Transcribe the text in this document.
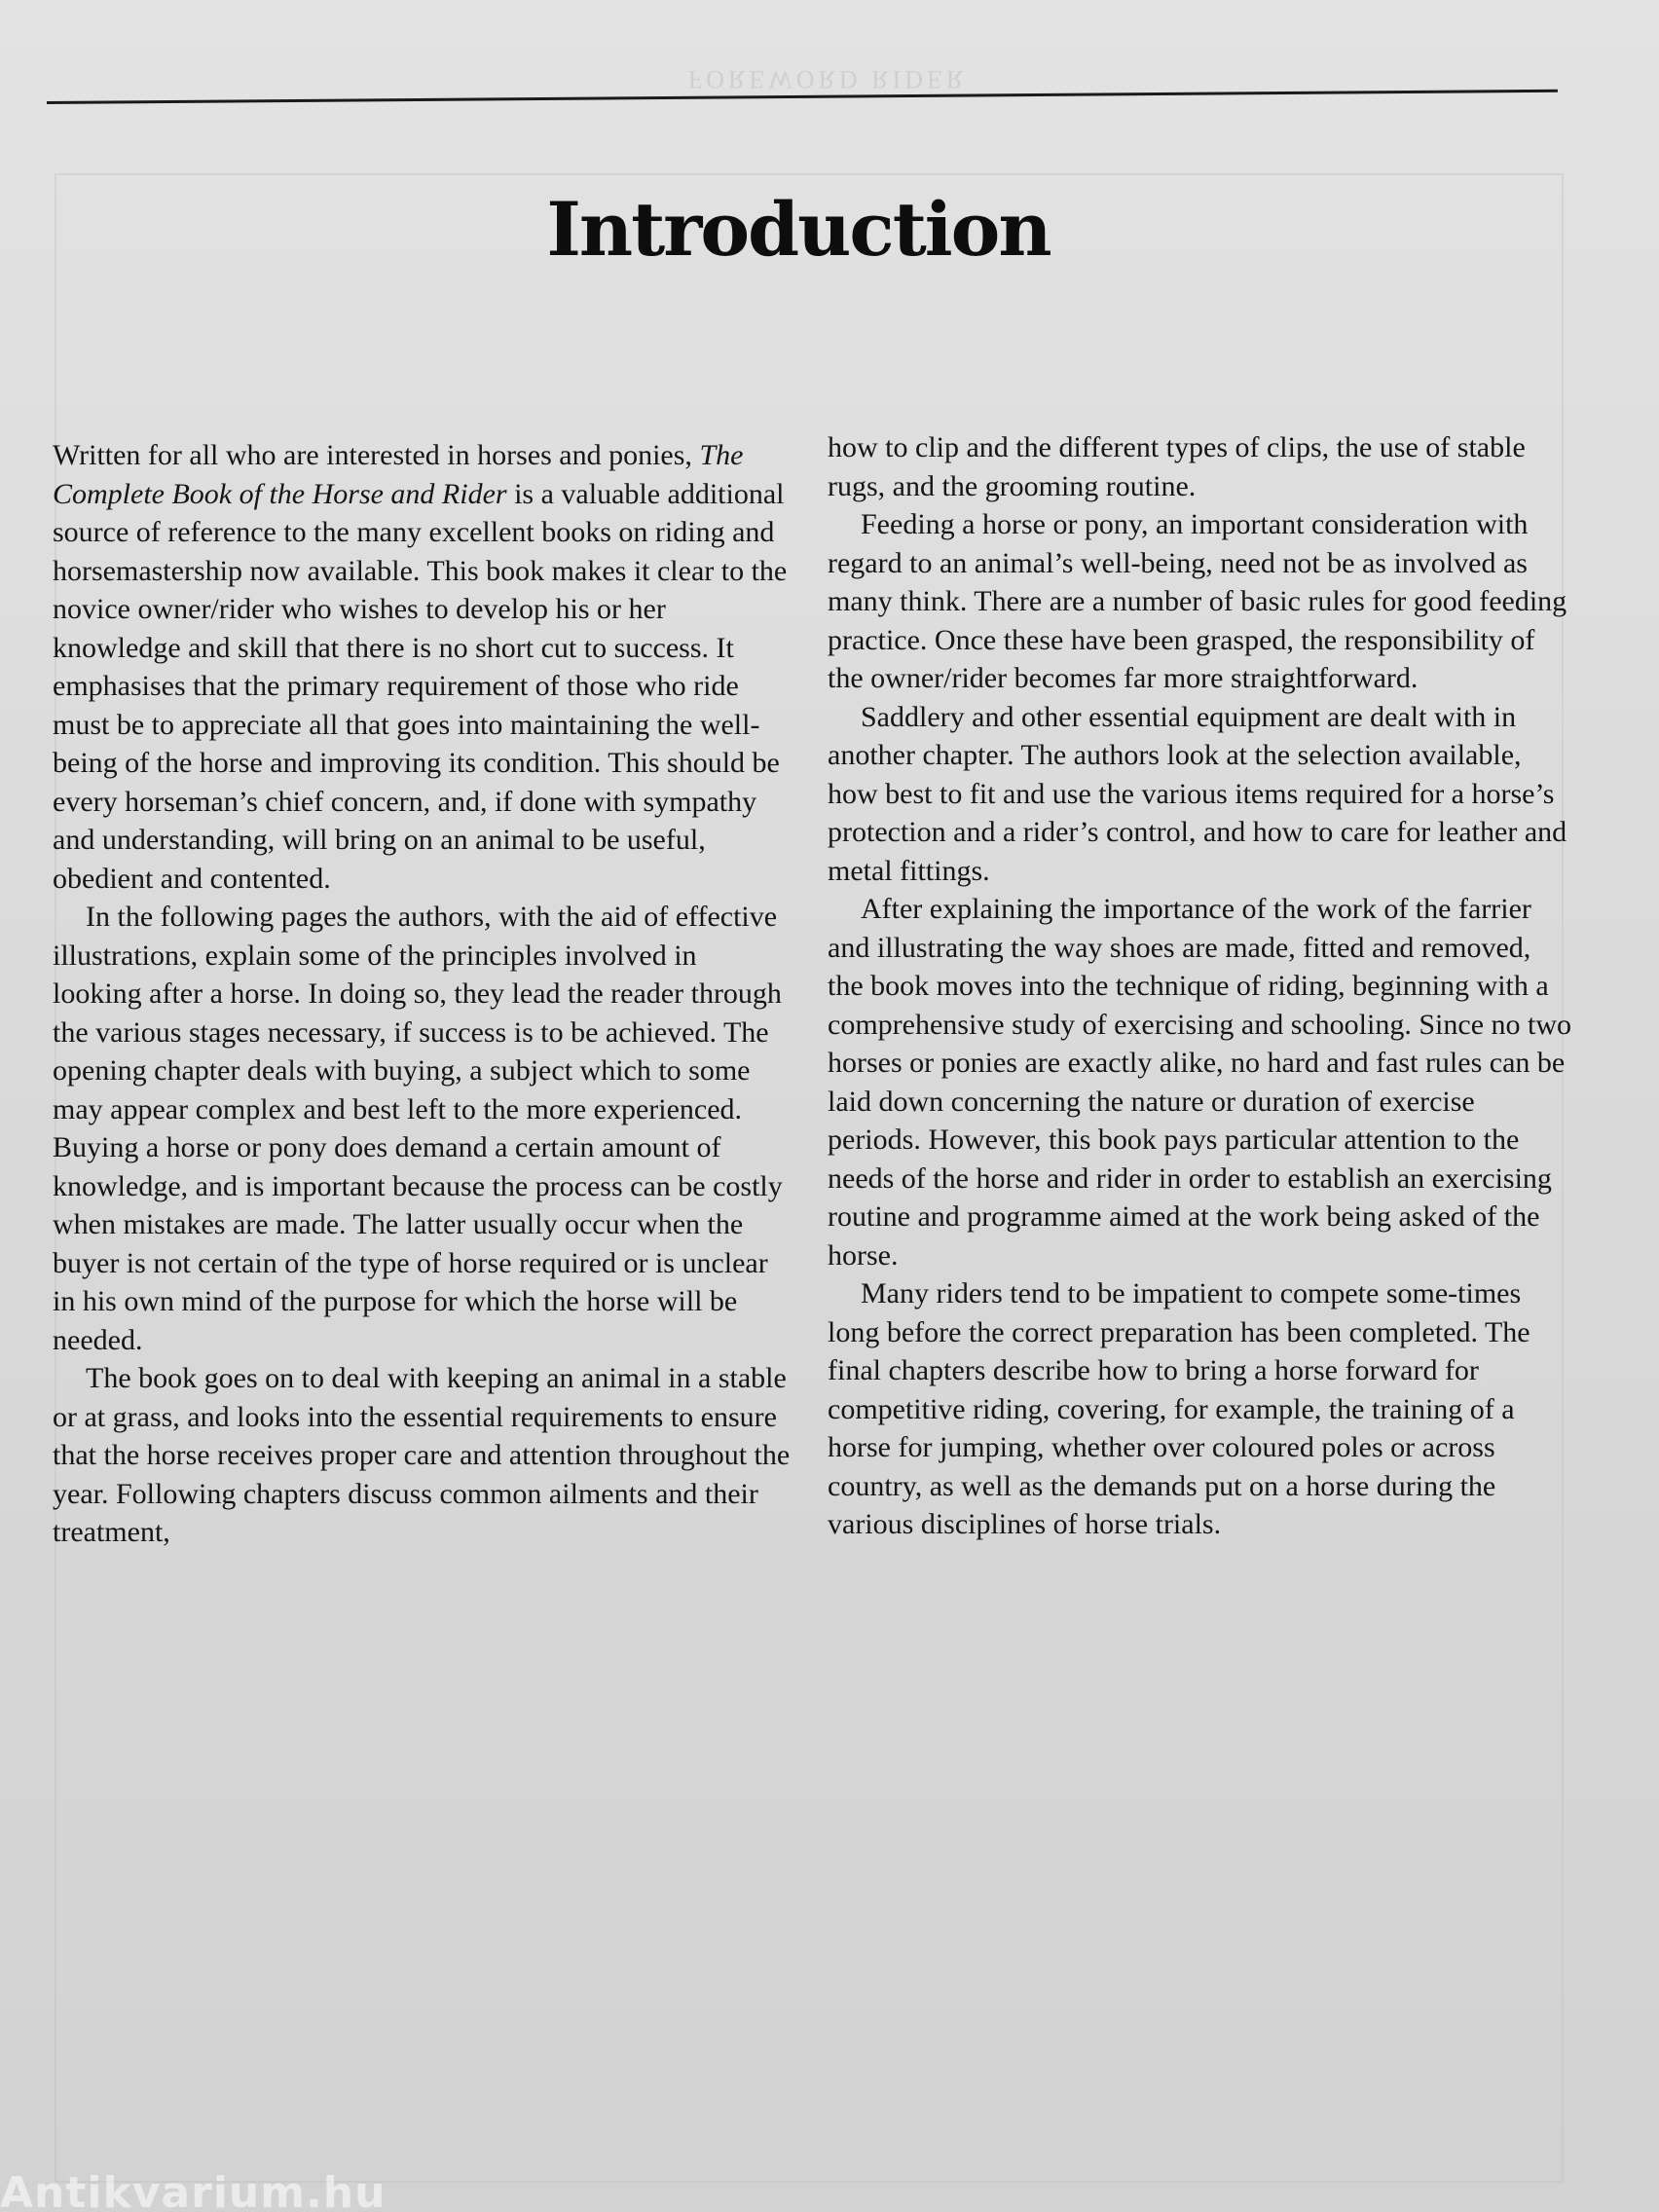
FOREWORD RIDER
Introduction

Written for all who are interested in horses and ponies, The Complete Book of the Horse and Rider is a valuable additional source of reference to the many excellent books on riding and horsemastership now available. This book makes it clear to the novice owner/rider who wishes to develop his or her knowledge and skill that there is no short cut to success. It emphasises that the primary requirement of those who ride must be to appreciate all that goes into maintaining the well-being of the horse and improving its condition. This should be every horseman’s chief concern, and, if done with sympathy and understanding, will bring on an animal to be useful, obedient and contented.

In the following pages the authors, with the aid of effective illustrations, explain some of the principles involved in looking after a horse. In doing so, they lead the reader through the various stages necessary, if success is to be achieved. The opening chapter deals with buying, a subject which to some may appear complex and best left to the more experienced. Buying a horse or pony does demand a certain amount of knowledge, and is important because the process can be costly when mistakes are made. The latter usually occur when the buyer is not certain of the type of horse required or is unclear in his own mind of the purpose for which the horse will be needed.

The book goes on to deal with keeping an animal in a stable or at grass, and looks into the essential requirements to ensure that the horse receives proper care and attention throughout the year. Following chapters discuss common ailments and their treatment,

how to clip and the different types of clips, the use of stable rugs, and the grooming routine.

Feeding a horse or pony, an important consideration with regard to an animal’s well-being, need not be as involved as many think. There are a number of basic rules for good feeding practice. Once these have been grasped, the responsibility of the owner/rider becomes far more straightforward.

Saddlery and other essential equipment are dealt with in another chapter. The authors look at the selection available, how best to fit and use the various items required for a horse’s protection and a rider’s control, and how to care for leather and metal fittings.

After explaining the importance of the work of the farrier and illustrating the way shoes are made, fitted and removed, the book moves into the technique of riding, beginning with a comprehensive study of exercising and schooling. Since no two horses or ponies are exactly alike, no hard and fast rules can be laid down concerning the nature or duration of exercise periods. However, this book pays particular attention to the needs of the horse and rider in order to establish an exercising routine and programme aimed at the work being asked of the horse.

Many riders tend to be impatient to compete some-times long before the correct preparation has been completed. The final chapters describe how to bring a horse forward for competitive riding, covering, for example, the training of a horse for jumping, whether over coloured poles or across country, as well as the demands put on a horse during the various disciplines of horse trials.

Antikvarium.hu
